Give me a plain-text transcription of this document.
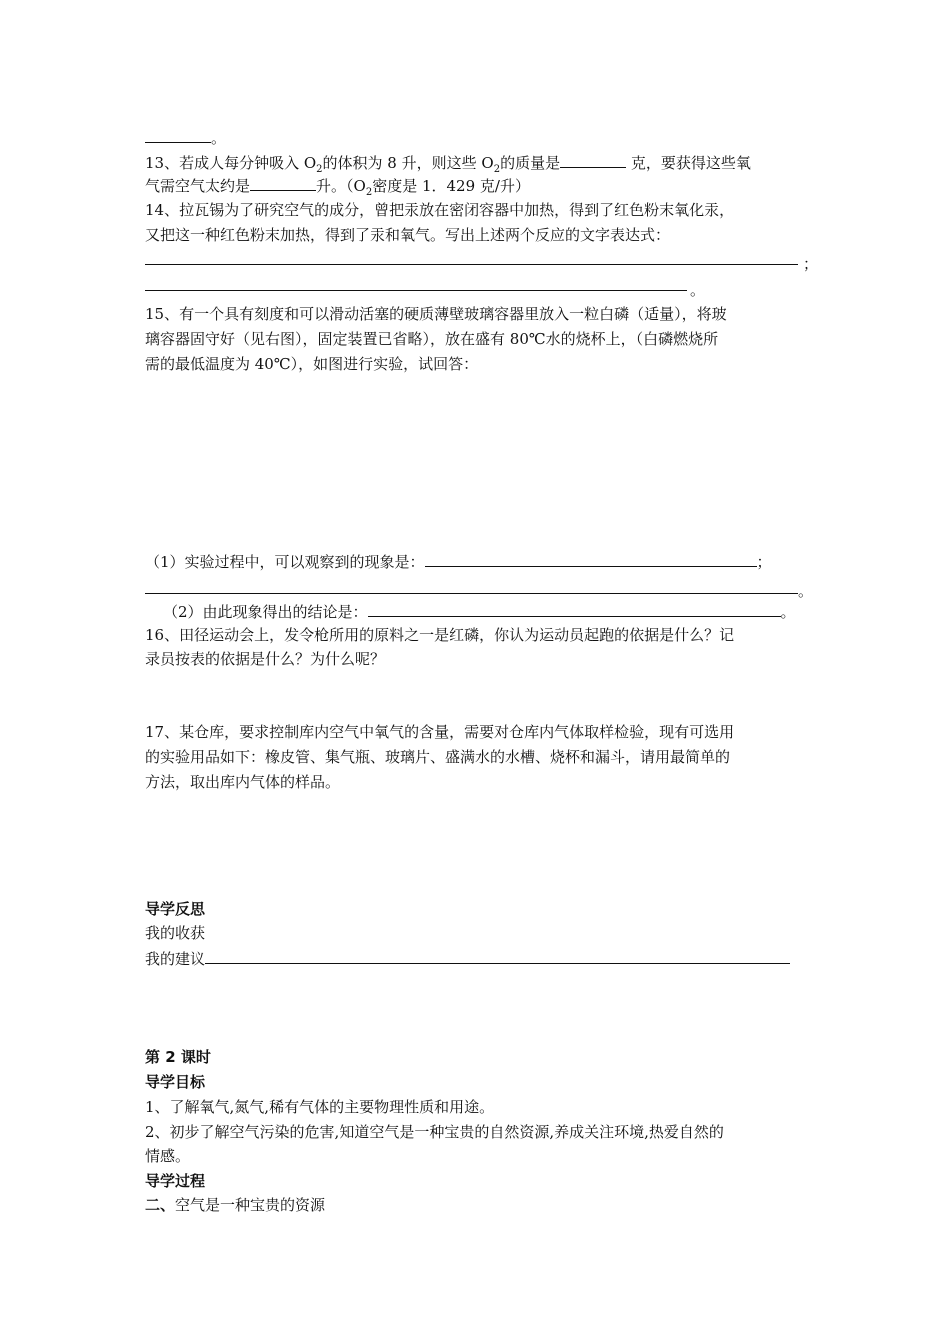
。
13、若成人每分钟吸入 $O_2$的体积为 8 升，则这些 $O_2$的质量是	克，要获得这些氧
气需空气太约是	升。（$O_2$密度是 1．429 克/升）
14、拉瓦锡为了研究空气的成分，曾把汞放在密闭容器中加热，得到了红色粉末氧化汞，
又把这一种红色粉末加热，得到了汞和氧气。写出上述两个反应的文字表达式：
；
。
15、有一个具有刻度和可以滑动活塞的硬质薄壁玻璃容器里放入一粒白磷（适量），将玻
璃容器固守好（见右图），固定装置已省略），放在盛有 80℃水的烧杯上，（白磷燃烧所
需的最低温度为 40℃），如图进行实验，试回答：
（1）实验过程中，可以观察到的现象是：	；
。
（2）由此现象得出的结论是：	。
16、田径运动会上，发令枪所用的原料之一是红磷，你认为运动员起跑的依据是什么？记
录员按表的依据是什么？为什么呢？
17、某仓库，要求控制库内空气中氧气的含量，需要对仓库内气体取样检验，现有可选用
的实验用品如下：橡皮管、集气瓶、玻璃片、盛满水的水槽、烧杯和漏斗，请用最简单的
方法，取出库内气体的样品。
导学反思
我的收获
我的建议
第 2 课时
导学目标
1、了解氧气,氮气,稀有气体的主要物理性质和用途。
2、初步了解空气污染的危害,知道空气是一种宝贵的自然资源,养成关注环境,热爱自然的
情感。
导学过程
二、空气是一种宝贵的资源
